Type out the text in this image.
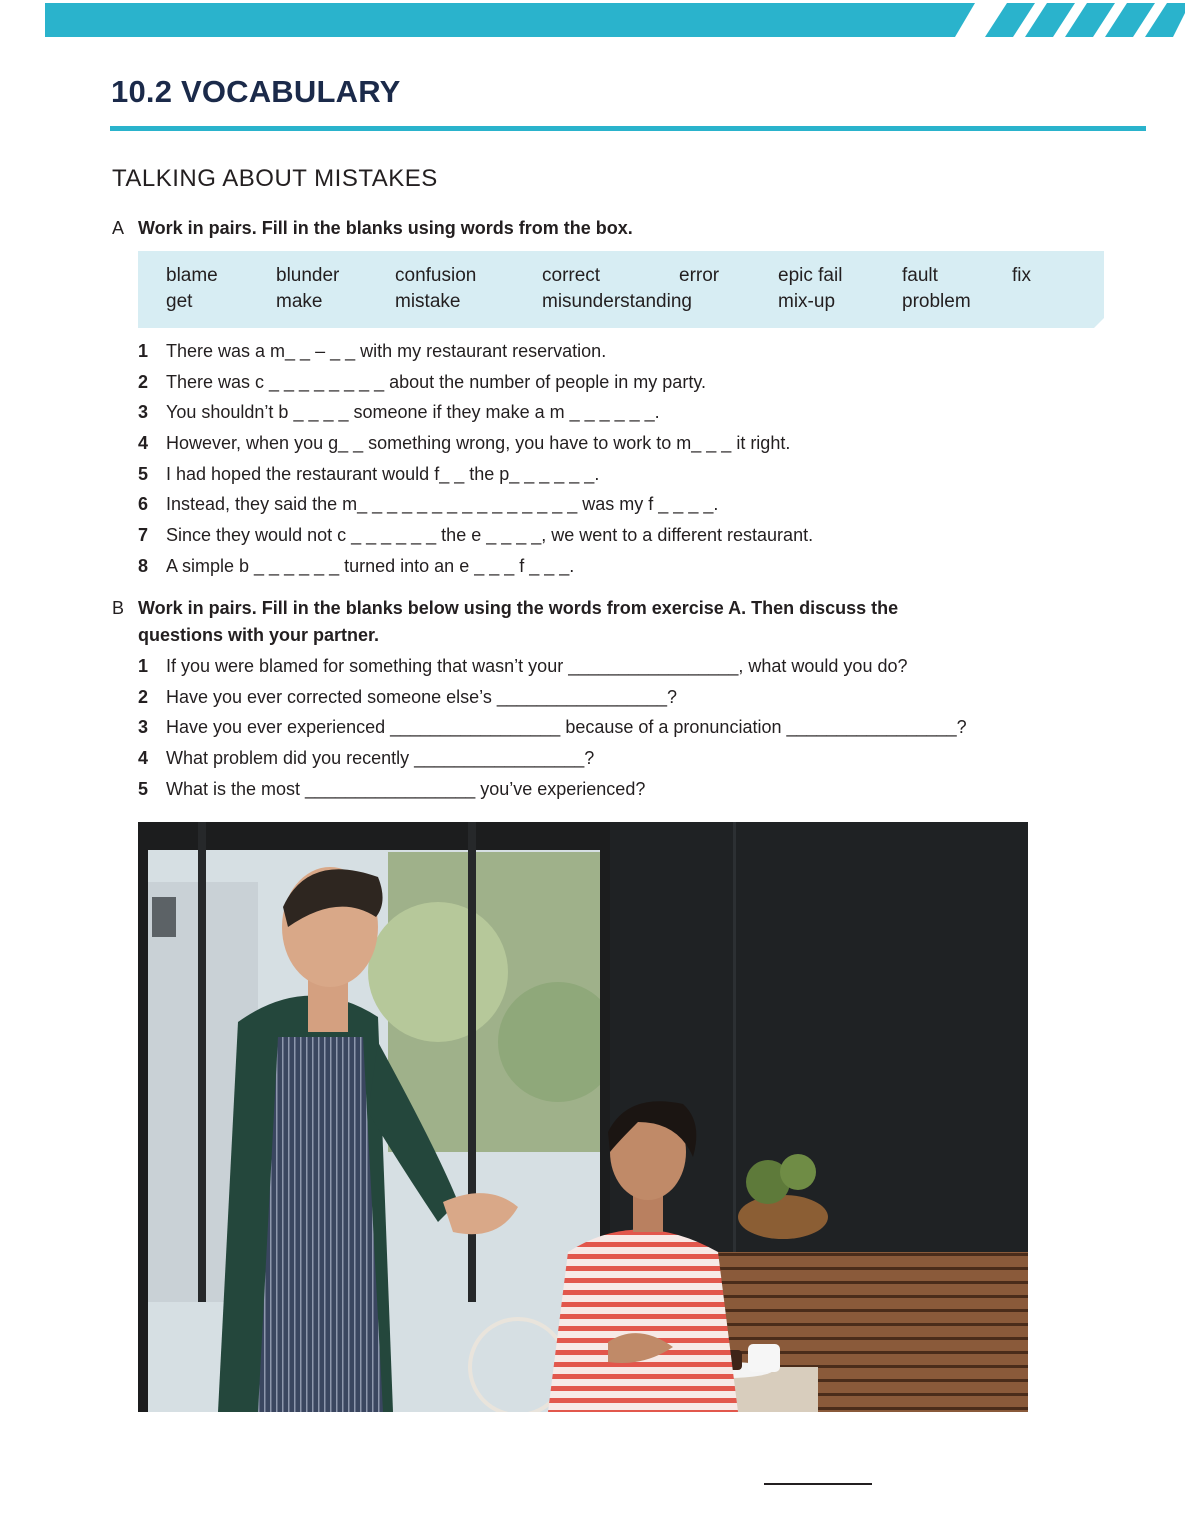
10.2 VOCABULARY
TALKING ABOUT MISTAKES
A Work in pairs. Fill in the blanks using words from the box.
blame	blunder	confusion	correct	error	epic fail	fault	fix
get	make	mistake	misunderstanding	mix-up	problem
1 There was a m_ _ – _ _ with my restaurant reservation.
2 There was c _ _ _ _ _ _ _ _ about the number of people in my party.
3 You shouldn’t b _ _ _ _ someone if they make a m _ _ _ _ _ _.
4 However, when you g_ _ something wrong, you have to work to m_ _ _ it right.
5 I had hoped the restaurant would f_ _ the p_ _ _ _ _ _.
6 Instead, they said the m_ _ _ _ _ _ _ _ _ _ _ _ _ _ _ was my f _ _ _ _.
7 Since they would not c _ _ _ _ _ _ the e _ _ _ _, we went to a different restaurant.
8 A simple b _ _ _ _ _ _ turned into an e _ _ _ f _ _ _.
B Work in pairs. Fill in the blanks below using the words from exercise A. Then discuss the questions with your partner.
1 If you were blamed for something that wasn’t your _________________, what would you do?
2 Have you ever corrected someone else’s _________________?
3 Have you ever experienced _________________ because of a pronunciation _________________?
4 What problem did you recently _________________?
5 What is the most _________________ you’ve experienced?
